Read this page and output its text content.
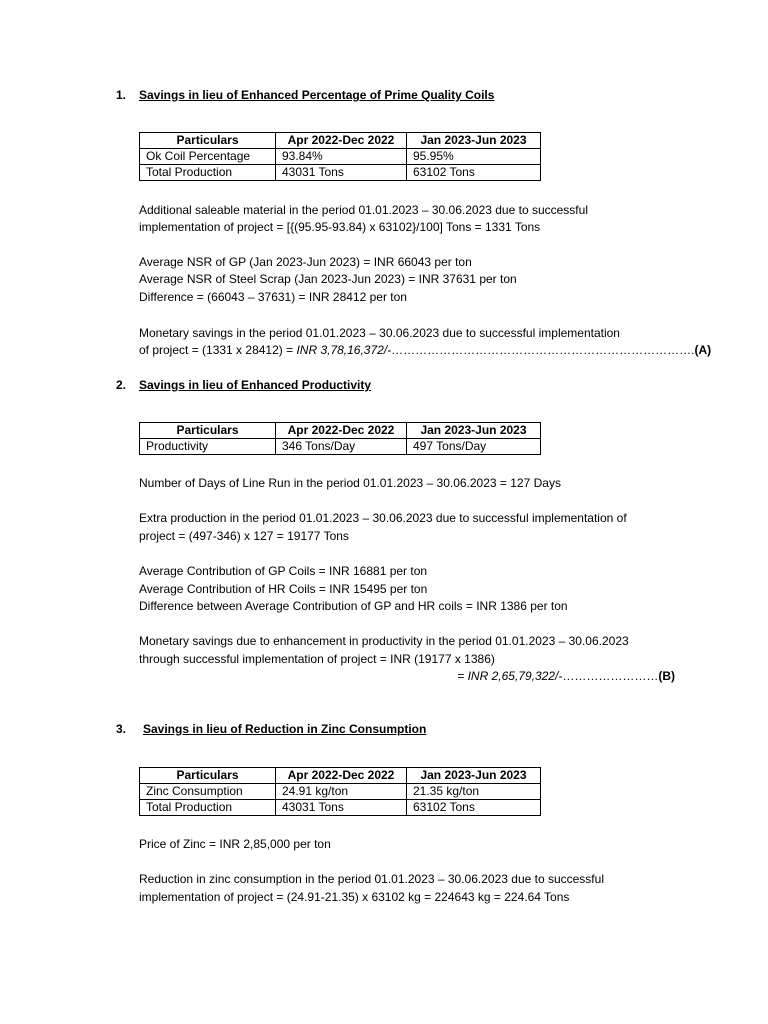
1. Savings in lieu of Enhanced Percentage of Prime Quality Coils
Particulars	Apr 2022-Dec 2022	Jan 2023-Jun 2023
Ok Coil Percentage	93.84%	95.95%
Total Production	43031 Tons	63102 Tons
Additional saleable material in the period 01.01.2023 – 30.06.2023 due to successful
implementation of project = [{(95.95-93.84) x 63102}/100] Tons = 1331 Tons
Average NSR of GP (Jan 2023-Jun 2023) = INR 66043 per ton
Average NSR of Steel Scrap (Jan 2023-Jun 2023) = INR 37631 per ton
Difference = (66043 – 37631) = INR 28412 per ton
Monetary savings in the period 01.01.2023 – 30.06.2023 due to successful implementation
of project = (1331 x 28412) = INR 3,78,16,372/-………………………………………………………………….(A)
2. Savings in lieu of Enhanced Productivity
Particulars	Apr 2022-Dec 2022	Jan 2023-Jun 2023
Productivity	346 Tons/Day	497 Tons/Day
Number of Days of Line Run in the period 01.01.2023 – 30.06.2023 = 127 Days
Extra production in the period 01.01.2023 – 30.06.2023 due to successful implementation of
project = (497-346) x 127 = 19177 Tons
Average Contribution of GP Coils = INR 16881 per ton
Average Contribution of HR Coils = INR 15495 per ton
Difference between Average Contribution of GP and HR coils = INR 1386 per ton
Monetary savings due to enhancement in productivity in the period 01.01.2023 – 30.06.2023
through successful implementation of project = INR (19177 x 1386)
= INR 2,65,79,322/-……………………(B)
3. Savings in lieu of Reduction in Zinc Consumption
Particulars	Apr 2022-Dec 2022	Jan 2023-Jun 2023
Zinc Consumption	24.91 kg/ton	21.35 kg/ton
Total Production	43031 Tons	63102 Tons
Price of Zinc = INR 2,85,000 per ton
Reduction in zinc consumption in the period 01.01.2023 – 30.06.2023 due to successful
implementation of project = (24.91-21.35) x 63102 kg = 224643 kg = 224.64 Tons
